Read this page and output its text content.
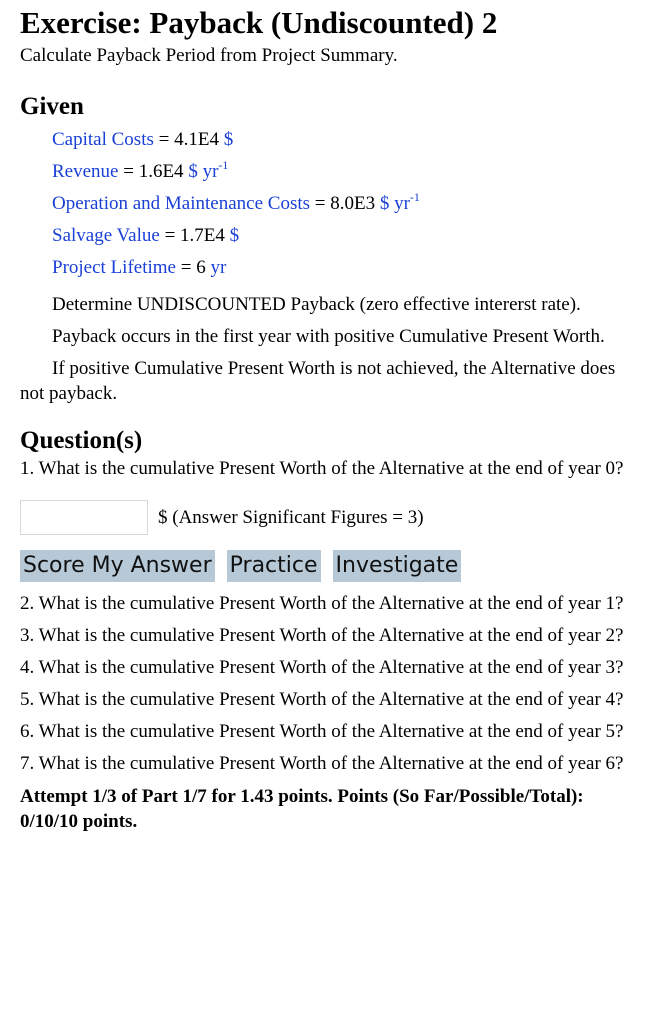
Exercise: Payback (Undiscounted) 2

Calculate Payback Period from Project Summary.

Given
Capital Costs = 4.1E4 $
Revenue = 1.6E4 $ $yr^{-1}$
Operation and Maintenance Costs = 8.0E3 $ $yr^{-1}$
Salvage Value = 1.7E4 $
Project Lifetime = 6 yr

Determine UNDISCOUNTED Payback (zero effective intererst rate).

Payback occurs in the first year with positive Cumulative Present Worth.

If positive Cumulative Present Worth is not achieved, the Alternative does not payback.

Question(s)

1. What is the cumulative Present Worth of the Alternative at the end of year 0?

$ (Answer Significant Figures = 3)
Score My Answer Practice Investigate

2. What is the cumulative Present Worth of the Alternative at the end of year 1?

3. What is the cumulative Present Worth of the Alternative at the end of year 2?

4. What is the cumulative Present Worth of the Alternative at the end of year 3?

5. What is the cumulative Present Worth of the Alternative at the end of year 4?

6. What is the cumulative Present Worth of the Alternative at the end of year 5?

7. What is the cumulative Present Worth of the Alternative at the end of year 6?

Attempt 1/3 of Part 1/7 for 1.43 points. Points (So Far/Possible/Total): 0/10/10 points.
